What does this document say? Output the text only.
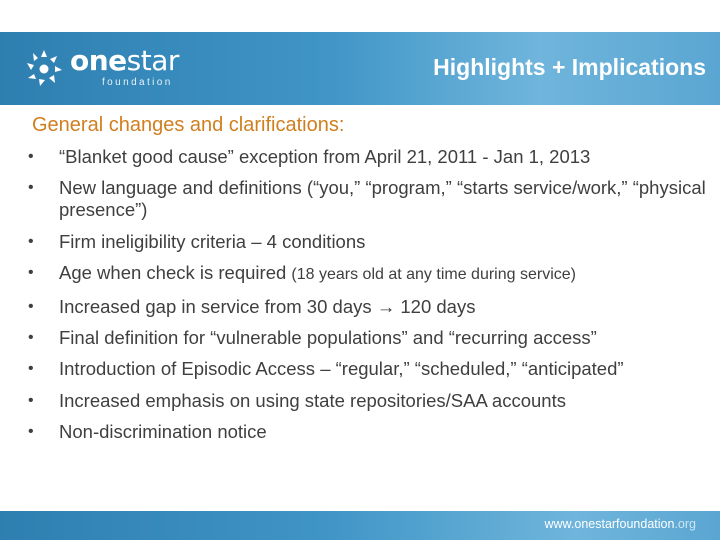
onestar
foundation
Highlights + Implications
General changes and clarifications:
• “Blanket good cause” exception from April 21, 2011 - Jan 1, 2013
• New language and definitions (“you,” “program,” “starts service/work,” “physical presence”)
• Firm ineligibility criteria – 4 conditions
• Age when check is required (18 years old at any time during service)
• Increased gap in service from 30 days → 120 days
• Final definition for “vulnerable populations” and “recurring access”
• Introduction of Episodic Access – “regular,” “scheduled,” “anticipated”
• Increased emphasis on using state repositories/SAA accounts
• Non-discrimination notice
www.onestarfoundation.org
